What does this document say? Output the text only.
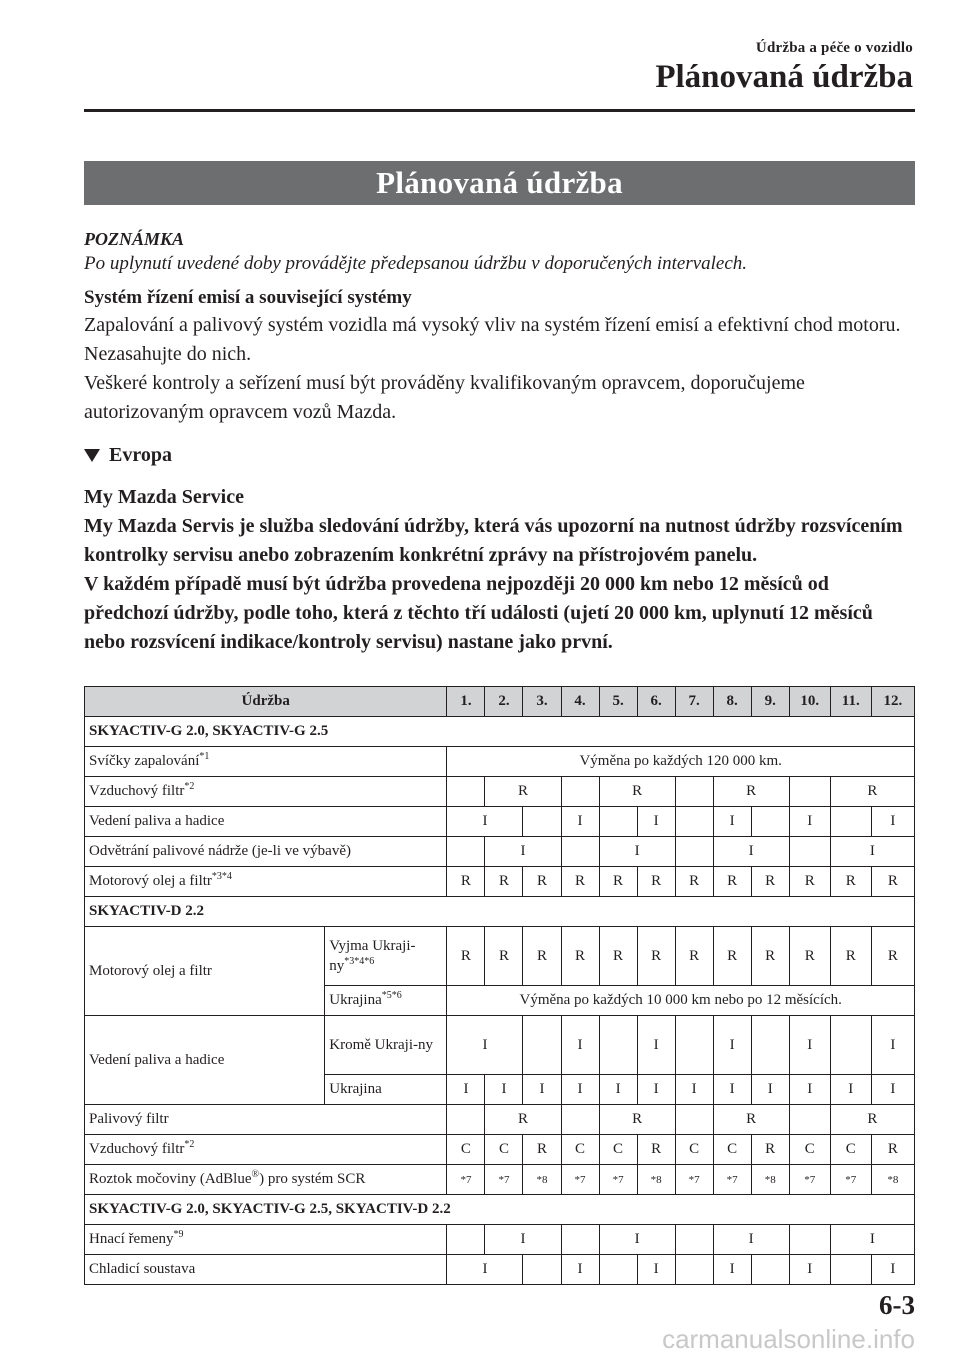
Údržba a péče o vozidlo
Plánovaná údržba
Plánovaná údržba
POZNÁMKA
Po uplynutí uvedené doby provádějte předepsanou údržbu v doporučených intervalech.
Systém řízení emisí a související systémy
Zapalování a palivový systém vozidla má vysoký vliv na systém řízení emisí a efektivní chod motoru. Nezasahujte do nich.
Veškeré kontroly a seřízení musí být prováděny kvalifikovaným opravcem, doporučujeme autorizovaným opravcem vozů Mazda.
Evropa
My Mazda Service
My Mazda Servis je služba sledování údržby, která vás upozorní na nutnost údržby rozsvícením kontrolky servisu anebo zobrazením konkrétní zprávy na přístrojovém panelu.
V každém případě musí být údržba provedena nejpozději 20 000 km nebo 12 měsíců od předchozí údržby, podle toho, která z těchto tří události (ujetí 20 000 km, uplynutí 12 měsíců nebo rozsvícení indikace/kontroly servisu) nastane jako první.
Údržba		1.	2.	3.	4.	5.	6.	7.	8.	9.	10.	11.	12.
SKYACTIV-G 2.0, SKYACTIV-G 2.5													
Svíčky zapalování$^{*1}$		Výměna po každých 120 000 km.											
Vzduchový filtr$^{*2}$			R			R			R			R	
Vedení paliva a hadice		I			I		I		I		I		I
Odvětrání palivové nádrže (je-li ve výbavě)			I			I			I			I	
Motorový olej a filtr$^{*3*4}$		R	R	R	R	R	R	R	R	R	R	R	R
SKYACTIV-D 2.2													
Motorový olej a filtr	Vyjma Ukraji-$ny^{*3*4*6}$	R	R	R	R	R	R	R	R	R	R	R	R
	Ukrajina$^{*5*6}$	Výměna po každých 10 000 km nebo po 12 měsících.											
Vedení paliva a hadice	Kromě Ukraji-ny	I			I		I		I		I		I
	Ukrajina	I	I	I	I	I	I	I	I	I	I	I	I
Palivový filtr			R			R			R			R	
Vzduchový filtr$^{*2}$		C	C	R	C	C	R	C	C	R	C	C	R
Roztok močoviny (AdBlue®) pro systém SCR		*7	*7	*8	*7	*7	*8	*7	*7	*8	*7	*7	*8
SKYACTIV-G 2.0, SKYACTIV-G 2.5, SKYACTIV-D 2.2													
Hnací řemeny$^{*9}$			I			I			I			I	
Chladicí soustava		I			I		I		I		I		I
6-3
carmanualsonline.info
